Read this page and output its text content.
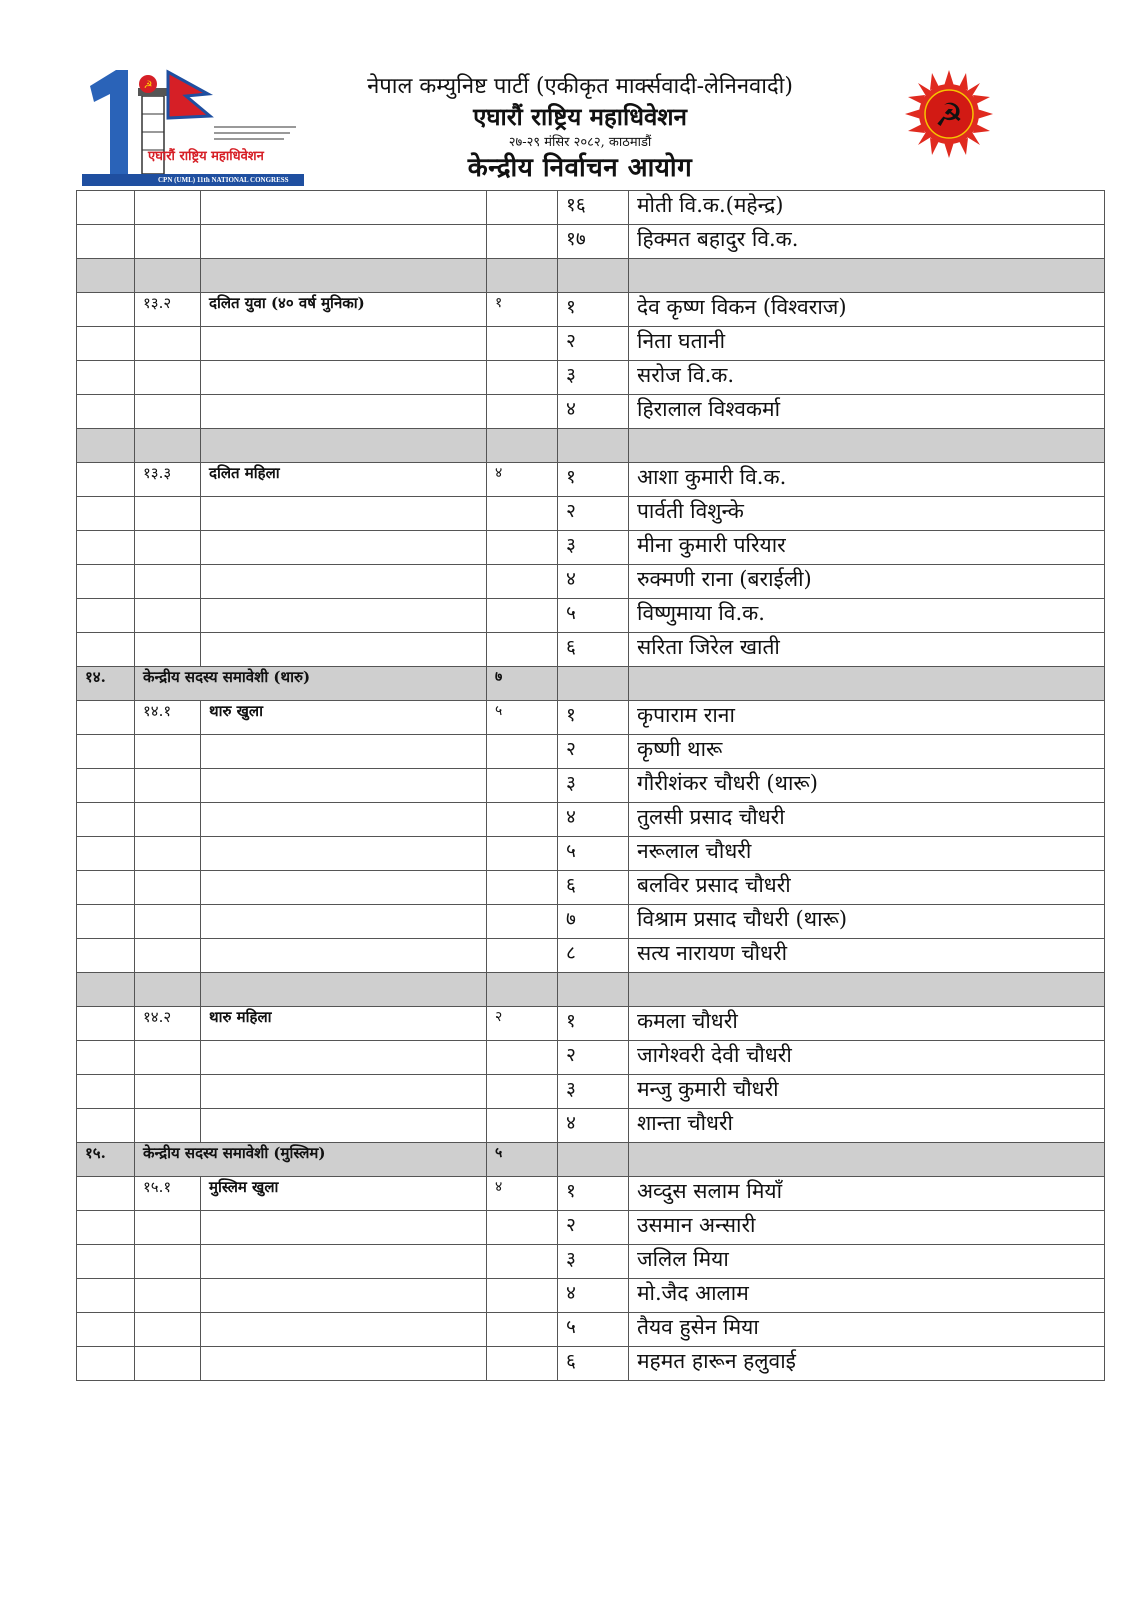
☭
एघारौं राष्ट्रिय महाधिवेशन
CPN (UML) 11th NATIONAL CONGRESS
नेपाल कम्युनिष्ट पार्टी (एकीकृत मार्क्सवादी-लेनिनवादी)
एघारौं राष्ट्रिय महाधिवेशन
२७-२९ मंसिर २०८२, काठमाडौं
केन्द्रीय निर्वाचन आयोग
☭
				१६	मोती वि.क.(महेन्द्र)
				१७	हिक्मत बहादुर वि.क.

	१३.२	दलित युवा (४० वर्ष मुनिका)	१	१	देव कृष्ण विकन (विश्वराज)
				२	निता घतानी
				३	सरोज वि.क.
				४	हिरालाल विश्वकर्मा

	१३.३	दलित महिला	४	१	आशा कुमारी वि.क.
				२	पार्वती विशुन्के
				३	मीना कुमारी परियार
				४	रुक्मणी राना (बराईली)
				५	विष्णुमाया वि.क.
				६	सरिता जिरेल खाती
१४.	केन्द्रीय सदस्य समावेशी (थारु)		७		
	१४.१	थारु खुला	५	१	कृपाराम राना
				२	कृष्णी थारू
				३	गौरीशंकर चौधरी (थारू)
				४	तुलसी प्रसाद चौधरी
				५	नरूलाल चौधरी
				६	बलविर प्रसाद चौधरी
				७	विश्राम प्रसाद चौधरी (थारू)
				८	सत्य नारायण चौधरी

	१४.२	थारु महिला	२	१	कमला चौधरी
				२	जागेश्वरी देवी चौधरी
				३	मन्जु कुमारी चौधरी
				४	शान्ता चौधरी
१५.	केन्द्रीय सदस्य समावेशी (मुस्लिम)		५		
	१५.१	मुस्लिम खुला	४	१	अव्दुस सलाम मियाँ
				२	उसमान अन्सारी
				३	जलिल मिया
				४	मो.जैद आलाम
				५	तैयव हुसेन मिया
				६	महमत हारून हलुवाई
